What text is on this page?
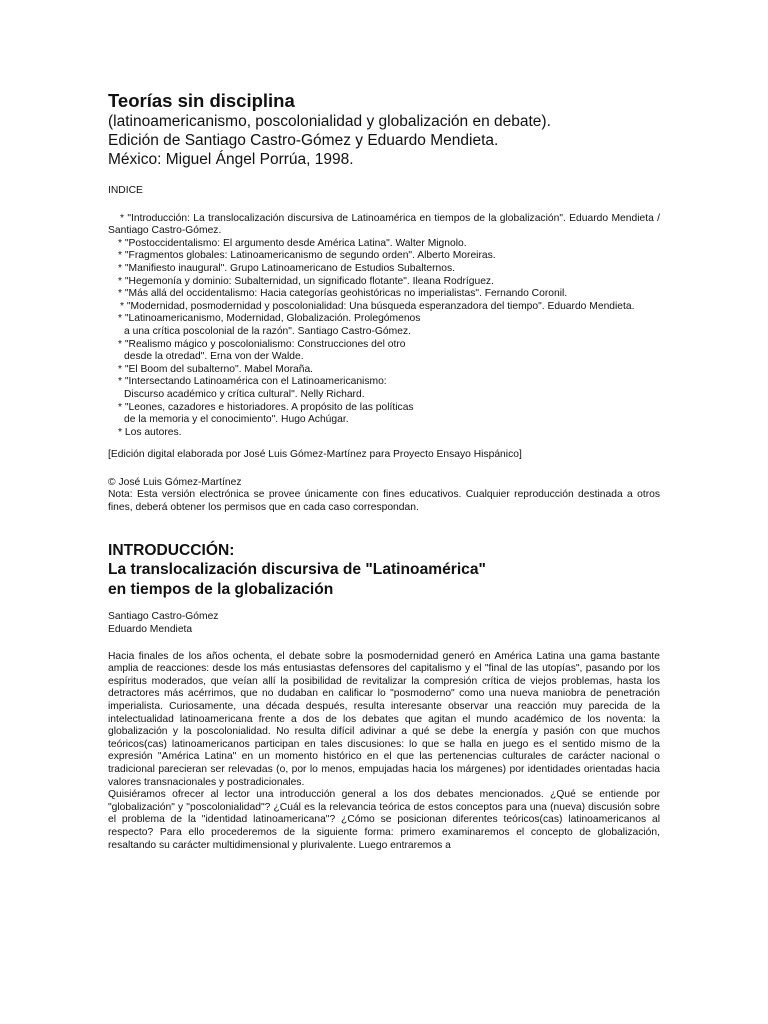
Teorías sin disciplina
(latinoamericanismo, poscolonialidad y globalización en debate).
Edición de Santiago Castro-Gómez y Eduardo Mendieta.
México: Miguel Ángel Porrúa, 1998.
INDICE

* "Introducción: La translocalización discursiva de Latinoamérica en tiempos de la globalización". Eduardo Mendieta / Santiago Castro-Gómez.

* "Postoccidentalismo: El argumento desde América Latina". Walter Mignolo.

* "Fragmentos globales: Latinoamericanismo de segundo orden". Alberto Moreiras.

* "Manifiesto inaugural". Grupo Latinoamericano de Estudios Subalternos.

* "Hegemonía y dominio: Subalternidad, un significado flotante". Ileana Rodríguez.

* "Más allá del occidentalismo: Hacia categorías geohistóricas no imperialistas". Fernando Coronil.

* "Modernidad, posmodernidad y poscolonialidad: Una búsqueda esperanzadora del tiempo". Eduardo Mendieta.

* "Latinoamericanismo, Modernidad, Globalización. Prolegómenos

a una crítica poscolonial de la razón". Santiago Castro-Gómez.

* "Realismo mágico y poscolonialismo: Construcciones del otro

desde la otredad". Erna von der Walde.

* "El Boom del subalterno". Mabel Moraña.

* "Intersectando Latinoamérica con el Latinoamericanismo:

Discurso académico y crítica cultural". Nelly Richard.

* "Leones, cazadores e historiadores. A propósito de las políticas

de la memoria y el conocimiento". Hugo Achúgar.

* Los autores.

[Edición digital elaborada por José Luis Gómez-Martínez para Proyecto Ensayo Hispánico]
© José Luis Gómez-Martínez
Nota: Esta versión electrónica se provee únicamente con fines educativos. Cualquier reproducción destinada a otros fines, deberá obtener los permisos que en cada caso correspondan.
INTRODUCCIÓN:
La translocalización discursiva de "Latinoamérica"
en tiempos de la globalización
Santiago Castro-Gómez
Eduardo Mendieta

Hacia finales de los años ochenta, el debate sobre la posmodernidad generó en América Latina una gama bastante amplia de reacciones: desde los más entusiastas defensores del capitalismo y el "final de las utopías", pasando por los espíritus moderados, que veían allí la posibilidad de revitalizar la compresión crítica de viejos problemas, hasta los detractores más acérrimos, que no dudaban en calificar lo "posmoderno" como una nueva maniobra de penetración imperialista. Curiosamente, una década después, resulta interesante observar una reacción muy parecida de la intelectualidad latinoamericana frente a dos de los debates que agitan el mundo académico de los noventa: la globalización y la poscolonialidad. No resulta difícil adivinar a qué se debe la energía y pasión con que muchos teóricos(cas) latinoamericanos participan en tales discusiones: lo que se halla en juego es el sentido mismo de la expresión "América Latina" en un momento histórico en el que las pertenencias culturales de carácter nacional o tradicional parecieran ser relevadas (o, por lo menos, empujadas hacia los márgenes) por identidades orientadas hacia valores transnacionales y postradicionales.

Quisiéramos ofrecer al lector una introducción general a los dos debates mencionados. ¿Qué se entiende por "globalización" y "poscolonialidad"? ¿Cuál es la relevancia teórica de estos conceptos para una (nueva) discusión sobre el problema de la "identidad latinoamericana"? ¿Cómo se posicionan diferentes teóricos(cas) latinoamericanos al respecto? Para ello procederemos de la siguiente forma: primero examinaremos el concepto de globalización, resaltando su carácter multidimensional y plurivalente. Luego entraremos a
